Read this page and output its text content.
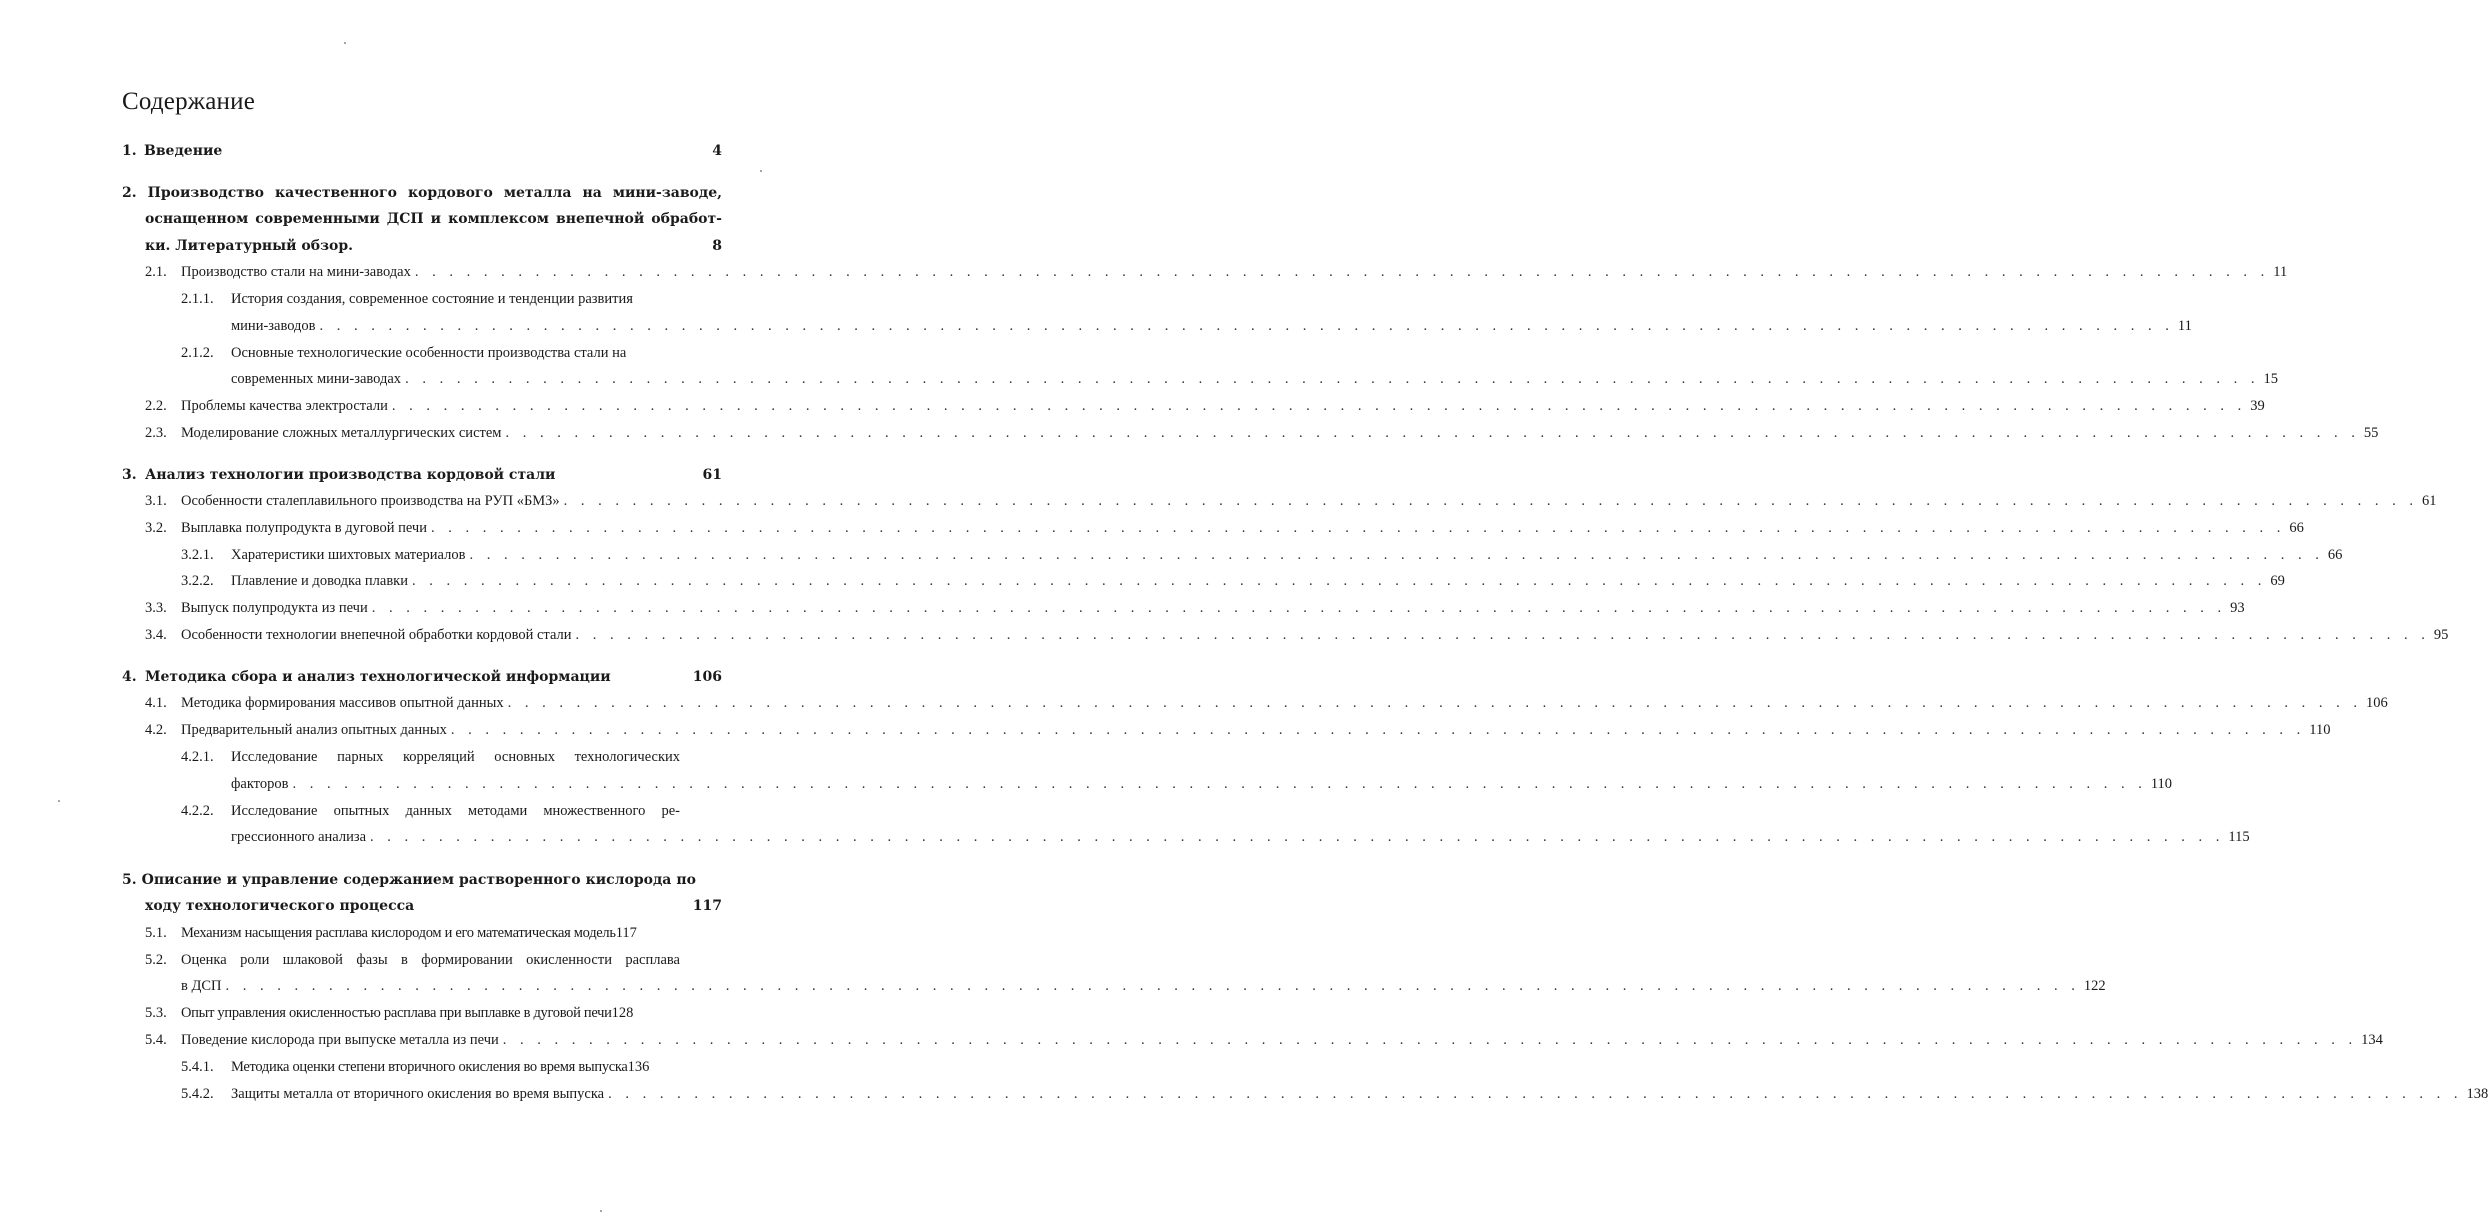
Содержание
1. Введение	4
2. Производство качественного кордового металла на мини-заводе,
оснащенном современными ДСП и комплексом внепечной обработ-
ки. Литературный обзор.	8
2.1. Производство стали на мини-заводах . . .	11
2.1.1.	История создания, современное состояние и тенденции развития
мини-заводов . . .	11
2.1.2.	Основные технологические особенности производства стали на
современных мини-заводах . . .	15
2.2. Проблемы качества электростали . . .	39
2.3. Моделирование сложных металлургических систем . . .	55
3. Анализ технологии производства кордовой стали	61
3.1. Особенности сталеплавильного производства на РУП «БМЗ» . . .	61
3.2. Выплавка полупродукта в дуговой печи . . .	66
3.2.1.	Харатеристики шихтовых материалов . . .	66
3.2.2.	Плавление и доводка плавки . . .	69
3.3. Выпуск полупродукта из печи . . .	93
3.4. Особенности технологии внепечной обработки кордовой стали . . .	95
4. Методика сбора и анализ технологической информации	106
4.1. Методика формирования массивов опытной данных . . .	106
4.2. Предварительный анализ опытных данных . . .	110
4.2.1. Исследование парных корреляций основных технологических
факторов . . .	110
4.2.2. Исследование опытных данных методами множественного ре-
грессионного анализа . . .	115
5. Описание и управление содержанием растворенного кислорода по
ходу технологического процесса	117
5.1. Механизм насыщения расплава кислородом и его математическая модель 117
5.2. Оценка роли шлаковой фазы в формировании окисленности расплава
в ДСП . . .	122
5.3. Опыт управления окисленностью расплава при выплавке в дуговой печи 128
5.4. Поведение кислорода при выпуске металла из печи . . .	134
5.4.1.	Методика оценки степени вторичного окисления во время выпуска 136
5.4.2.	Защиты металла от вторичного окисления во время выпуска . . .	138
